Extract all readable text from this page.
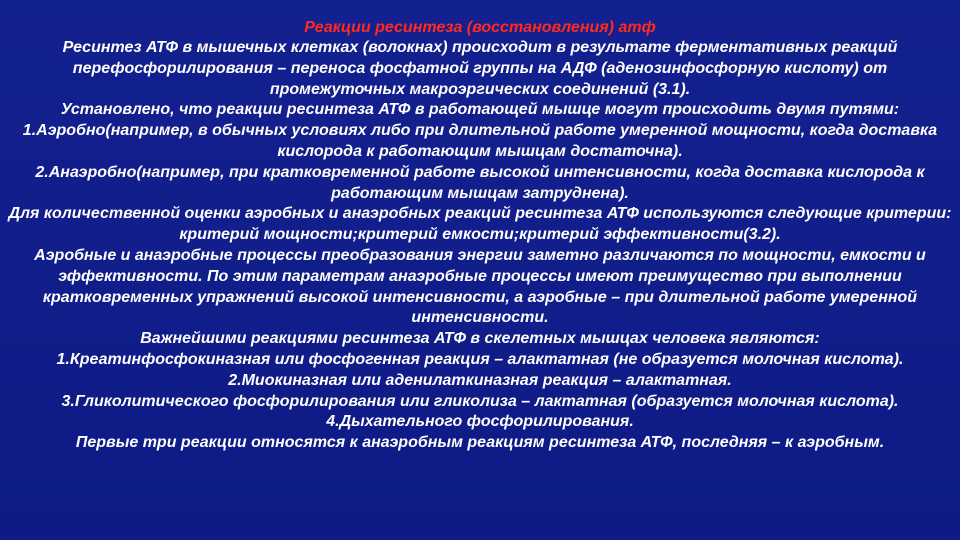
Реакции ресинтеза (восстановления) атф

Ресинтез АТФ в мышечных клетках (волокнах) происходит в результате ферментативных реакций перефосфорилирования – переноса фосфатной группы на АДФ (аденозинфосфорную кислоту) от промежуточных макроэргических соединений (3.1).

Установлено, что реакции ресинтеза АТФ в работающей мышце могут происходить двумя путями:

1.Аэробно(например, в обычных условиях либо при длительной работе умеренной мощности, когда доставка кислорода к работающим мышцам достаточна).

2.Анаэробно(например, при кратковременной работе высокой интенсивности, когда доставка кислорода к работающим мышцам затруднена).

Для количественной оценки аэробных и анаэробных реакций ресинтеза АТФ используются следующие критерии: критерий мощности;критерий емкости;критерий эффективности(3.2).

Аэробные и анаэробные процессы преобразования энергии заметно различаются по мощности, емкости и эффективности. По этим параметрам анаэробные процессы имеют преимущество при выполнении кратковременных упражнений высокой интенсивности, а аэробные – при длительной работе умеренной интенсивности.

Важнейшими реакциями ресинтеза АТФ в скелетных мышцах человека являются:

1.Креатинфосфокиназная или фосфогенная реакция – алактатная (не образуется молочная кислота).

2.Миокиназная или аденилаткиназная реакция – алактатная.

3.Гликолитического фосфорилирования или гликолиза – лактатная (образуется молочная кислота).

4.Дыхательного фосфорилирования.

Первые три реакции относятся к анаэробным реакциям ресинтеза АТФ, последняя – к аэробным.
